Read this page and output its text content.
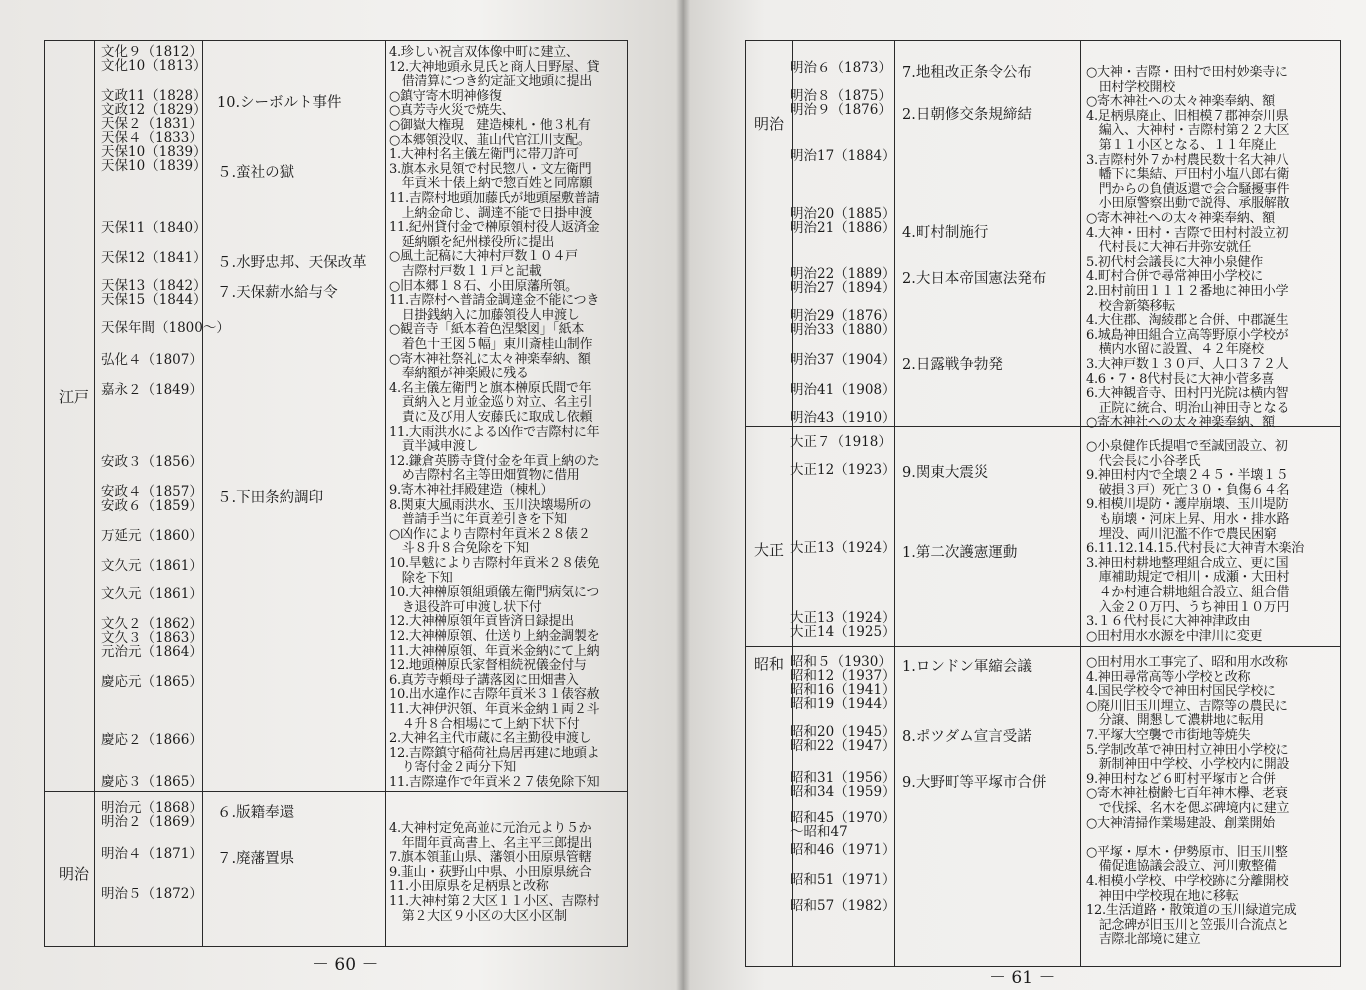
江戸
明治
文化９（1812）
文化10（1813）
文政11（1828）
文政12（1829）
天保２（1831）
天保４（1833）
天保10（1839）
天保10（1839）
天保11（1840）
天保12（1841）
天保13（1842）
天保15（1844）
天保年間（1800～）
弘化４（1807）
嘉永２（1849）
安政３（1856）
安政４（1857）
安政６（1859）
万延元（1860）
文久元（1861）
文久元（1861）
文久２（1862）
文久３（1863）
元治元（1864）
慶応元（1865）
慶応２（1866）
慶応３（1865）
明治元（1868）
明治２（1869）
明治４（1871）
明治５（1872）
10.シーボルト事件
５.蛮社の獄
５.水野忠邦、天保改革
７.天保薪水給与令
５.下田条約調印
６.版籍奉還
７.廃藩置県
4.珍しい祝言双体像中町に建立、
12.大神地頭永見氏と商人日野屋、貸
　借清算につき約定証文地頭に提出
○鎮守寄木明神修復
○真芳寺火災で焼失、
○御嶽大権現　建造棟札・他３札有
○本郷領没収、韮山代官江川支配。
1.大神村名主儀左衛門に帯刀許可
3.旗本永見領で村民惣八・文左衛門
　年貢米十俵上納で惣百姓と同席願
11.吉際村地頭加藤氏が地頭屋敷普請
　上納金命じ、調達不能で日掛申渡
11.紀州貸付金で榊原領村役人返済金
　延納願を紀州様役所に提出
○風土記稿に大神村戸数１０４戸
　吉際村戸数１１戸と記載
○旧本郷１８石、小田原藩所領。
11.吉際村へ普請金調達金不能につき
　日掛銭納入に加藤領役人申渡し
○観音寺「紙本着色涅槃図」「紙本
　着色十王図５幅」東川斎桂山制作
○寄木神社祭礼に太々神楽奉納、額
　奉納額が神楽殿に残る
4.名主儀左衛門と旗本榊原氏間で年
　貢納入と月並金巡り対立、名主引
　責に及び用人安藤氏に取成し依頼
11.大雨洪水による凶作で吉際村に年
　貢半減申渡し
12.鎌倉英勝寺貸付金を年貢上納のた
　め吉際村名主等田畑質物に借用
9.寄木神社拝殿建造（棟札）
8.関東大風雨洪水、玉川決壊場所の
　普請手当に年貢差引きを下知
○凶作により吉際村年貢米２８俵２
　斗８升８合免除を下知
10.旱魃により吉際村年貢米２８俵免
　除を下知
10.大神榊原領組頭儀左衛門病気につ
　き退役許可申渡し状下付
12.大神榊原領年貢皆済日録提出
12.大神榊原領、仕送り上納金調製を
11.大神榊原領、年貢米金納にて上納
12.地頭榊原氏家督相続祝儀金付与
6.真芳寺頼母子講落図に田畑書入
10.出水違作に吉際年貢米３１俵容赦
11.大神伊沢領、年貢米金納１両２斗
　４升８合相場にて上納下状下付
2.大神名主代市蔵に名主勤役申渡し
12.吉際鎮守稲荷社鳥居再建に地頭よ
　り寄付金２両分下知
11.吉際違作で年貢米２７俵免除下知
4.大神村定免高並に元治元より５か
　年間年貢高書上、名主平三郎提出
7.旗本領韮山県、藩領小田原県管轄
9.韮山・荻野山中県、小田原県統合
11.小田原県を足柄県と改称
11.大神村第２大区１１小区、吉際村
　第２大区９小区の大区小区制
－ 60 －
明治
大正
昭和
明治６（1873）
明治８（1875）
明治９（1876）
明治17（1884）
明治20（1885）
明治21（1886）
明治22（1889）
明治27（1894）
明治29（1876）
明治33（1880）
明治37（1904）
明治41（1908）
明治43（1910）
大正７（1918）
大正12（1923）
大正13（1924）
大正13（1924）
大正14（1925）
昭和５（1930）
昭和12（1937）
昭和16（1941）
昭和19（1944）
昭和20（1945）
昭和22（1947）
昭和31（1956）
昭和34（1959）
昭和45（1970）
～昭和47
昭和46（1971）
昭和51（1971）
昭和57（1982）
7.地租改正条令公布
2.日朝修交条規締結
4.町村制施行
2.大日本帝国憲法発布
2.日露戦争勃発
9.関東大震災
1.第二次護憲運動
1.ロンドン軍縮会議
8.ポツダム宣言受諾
9.大野町等平塚市合併
○大神・吉際・田村で田村妙楽寺に
　田村学校開校
○寄木神社への太々神楽奉納、額
4.足柄県廃止、旧相模７郡神奈川県
　編入、大神村・吉際村第２２大区
　第１１小区となる、１１年廃止
3.吉際村外７か村農民数十名大神八
　幡下に集結、戸田村小塩八郎右衛
　門からの負債返還で会合騒擾事件
　小田原警察出動で説得、承服解散
○寄木神社への太々神楽奉納、額
4.大神・田村・吉際で田村村設立初
　代村長に大神石井弥安就任
5.初代村会議長に大神小泉健作
4.町村合併で尋常神田小学校に
2.田村前田１１１２番地に神田小学
　校舎新築移転
4.大住郡、淘綾郡と合併、中郡誕生
6.城島神田組合立高等野原小学校が
　横内水留に設置、４２年廃校
3.大神戸数１３０戸、人口３７２人
4.6・7・8代村長に大神小菅多喜
6.大神観音寺、田村円光院は横内智
　正院に統合、明治山神田寺となる
○寄木神社への太々神楽奉納、額
○小泉健作氏提唱で至誠団設立、初
　代会長に小谷孝氏
9.神田村内で全壊２４５・半壊１５
　破損３戸）死亡３０・負傷６４名
9.相模川堤防・護岸崩壊、玉川堤防
　も崩壊・河床上昇、用水・排水路
　埋没、両川氾濫不作で農民困窮
6.11.12.14.15.代村長に大神青木楽治
3.神田村耕地整理組合成立、更に国
　庫補助規定で相川・成瀬・大田村
　４か村連合耕地組合設立、組合借
　入金２０万円、うち神田１０万円
3.１６代村長に大神神津政由
○田村用水水源を中津川に変更
○田村用水工事完了、昭和用水改称
4.神田尋常高等小学校と改称
4.国民学校令で神田村国民学校に
○廃川旧玉川埋立、吉際等の農民に
　分譲、開懇して濃耕地に転用
7.平塚大空襲で市街地等焼失
5.学制改革で神田村立神田小学校に
　新制神田中学校、小学校内に開設
9.神田村など６町村平塚市と合併
○寄木神社樹齢七百年神木欅、老衰
　で伐採、名木を偲ぶ碑境内に建立
○大神清掃作業場建設、創業開始
○平塚・厚木・伊勢原市、旧玉川整
　備促進協議会設立、河川敷整備
4.相模小学校、中学校跡に分離開校
　神田中学校現在地に移転
12.生活道路・散策道の玉川緑道完成
　記念碑が旧玉川と笠張川合流点と
　吉際北部境に建立
－ 61 －
